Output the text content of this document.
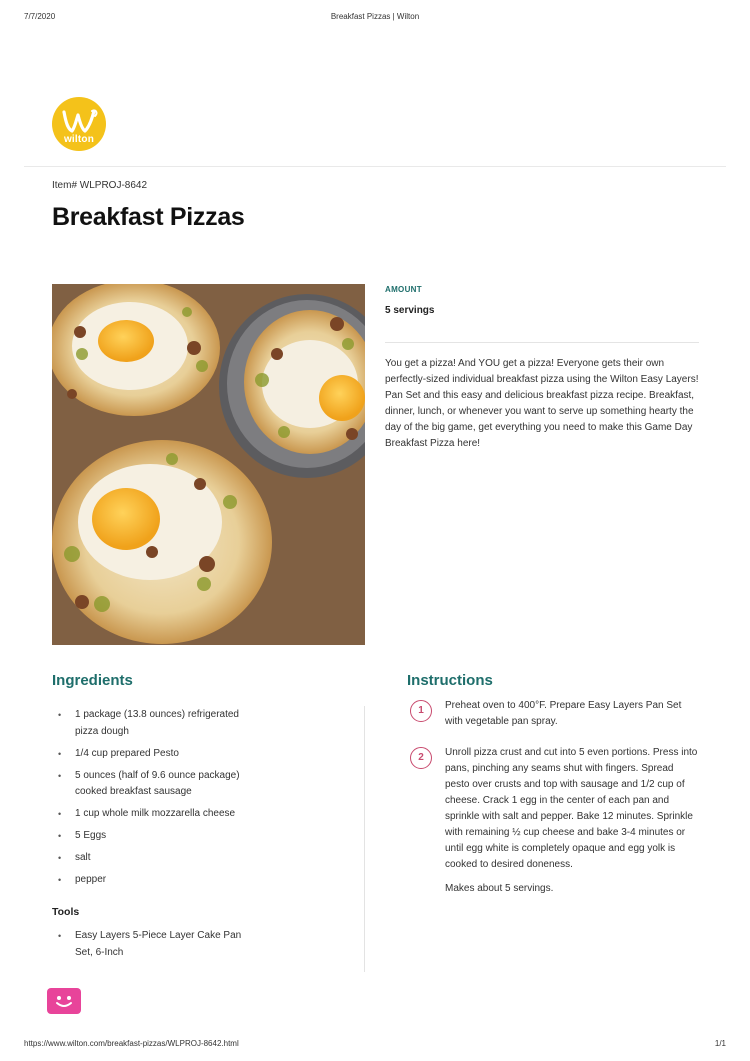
7/7/2020	Breakfast Pizzas | Wilton
wilton
Item# WLPROJ-8642
Breakfast Pizzas
AMOUNT
5 servings

You get a pizza! And YOU get a pizza! Everyone gets their own perfectly-sized individual breakfast pizza using the Wilton Easy Layers! Pan Set and this easy and delicious breakfast pizza recipe. Breakfast, dinner, lunch, or whenever you want to serve up something hearty the day of the big game, get everything you need to make this Game Day Breakfast Pizza here!

Ingredients	Instructions
• 1 package (13.8 ounces) refrigerated pizza dough
• 1/4 cup prepared Pesto
• 5 ounces (half of 9.6 ounce package) cooked breakfast sausage
• 1 cup whole milk mozzarella cheese
• 5 Eggs
• salt
• pepper
Tools
• Easy Layers 5-Piece Layer Cake Pan Set, 6-Inch
1	Preheat oven to 400°F. Prepare Easy Layers Pan Set with vegetable pan spray.

2	Unroll pizza crust and cut into 5 even portions. Press into pans, pinching any seams shut with fingers. Spread pesto over crusts and top with sausage and 1/2 cup of cheese. Crack 1 egg in the center of each pan and sprinkle with salt and pepper. Bake 12 minutes. Sprinkle with remaining ½ cup cheese and bake 3-4 minutes or until egg white is completely opaque and egg yolk is cooked to desired doneness.

Makes about 5 servings.

https://www.wilton.com/breakfast-pizzas/WLPROJ-8642.html	1/1
